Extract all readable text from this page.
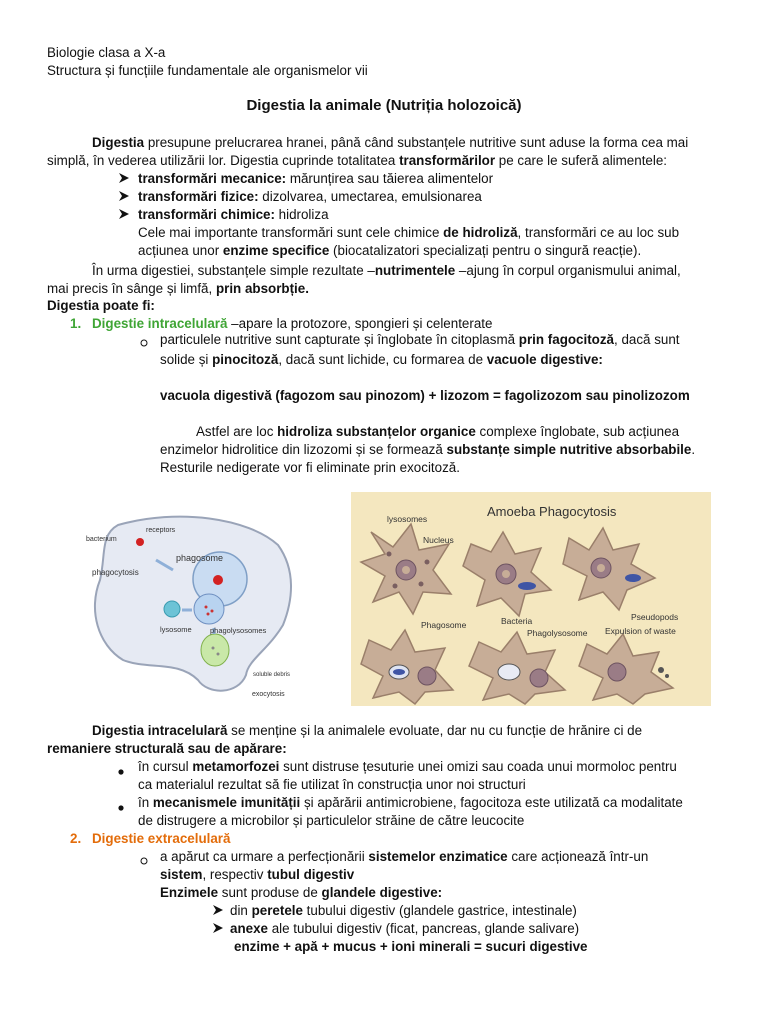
Biologie clasa a X-a
Structura și funcțiile fundamentale ale organismelor vii
Digestia la animale (Nutriția holozoică)
Digestia presupune prelucrarea hranei, până când substanțele nutritive sunt aduse la forma cea mai
simplă, în vederea utilizării lor. Digestia cuprinde totalitatea transformărilor pe care le suferă alimentele:
transformări mecanice: mărunțirea sau tăierea alimentelor
transformări fizice: dizolvarea, umectarea, emulsionarea
transformări chimice: hidroliza
Cele mai importante transformări sunt cele chimice de hidroliză, transformări ce au loc sub
acțiunea unor enzime specifice (biocatalizatori specializați pentru o singură reacție).
În urma digestiei, substanțele simple rezultate –nutrimentele –ajung în corpul organismului animal,
mai precis în sânge și limfă, prin absorbție.
Digestia poate fi:
1. Digestie intracelulară –apare la protozore, spongieri și celenterate
particulele nutritive sunt capturate și înglobate în citoplasmă prin fagocitoză, dacă sunt
solide și pinocitoză, dacă sunt lichide, cu formarea de vacuole digestive:
vacuola digestivă (fagozom sau pinozom) + lizozom = fagolizozom sau pinolizozom
Astfel are loc hidroliza substanțelor organice complexe înglobate, sub acțiunea
enzimelor hidrolitice din lizozomi și se formează substanțe simple nutritive absorbabile.
Resturile nedigerate vor fi eliminate prin exocitoză.
bacterium
receptors
phagosome
phagocytosis
lysosome phagolysosomes
soluble debris
exocytosis
Amoeba Phagocytosis
lysosomes
Nucleus
Bacteria	Pseudopods
Phagosome
Phagolysosome Expulsion of waste
Digestia intracelulară se menține și la animalele evoluate, dar nu cu funcție de hrănire ci de
remaniere structurală sau de apărare:
în cursul metamorfozei sunt distruse țesuturie unei omizi sau coada unui mormoloc pentru
ca materialul rezultat să fie utilizat în construcția unor noi structuri
în mecanismele imunității și apărării antimicrobiene, fagocitoza este utilizată ca modalitate
de distrugere a microbilor și particulelor străine de către leucocite
2. Digestie extracelulară
a apărut ca urmare a perfecționării sistemelor enzimatice care acționează într-un
sistem, respectiv tubul digestiv
Enzimele sunt produse de glandele digestive:
din peretele tubului digestiv (glandele gastrice, intestinale)
anexe ale tubului digestiv (ficat, pancreas, glande salivare)
enzime + apă + mucus + ioni minerali = sucuri digestive
